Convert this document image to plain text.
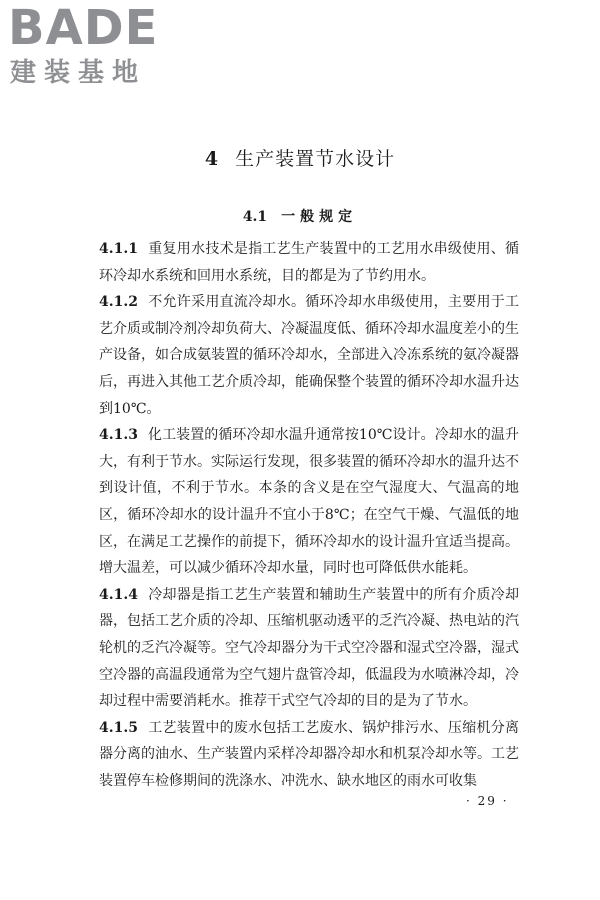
BADE
建装基地
4 生产装置节水设计
4.1 一般规定

4.1.1 重复用水技术是指工艺生产装置中的工艺用水串级使用、循环冷却水系统和回用水系统，目的都是为了节约用水。

4.1.2 不允许采用直流冷却水。循环冷却水串级使用，主要用于工艺介质或制冷剂冷却负荷大、冷凝温度低、循环冷却水温度差小的生产设备，如合成氨装置的循环冷却水，全部进入冷冻系统的氨冷凝器后，再进入其他工艺介质冷却，能确保整个装置的循环冷却水温升达到10℃。

4.1.3 化工装置的循环冷却水温升通常按10℃设计。冷却水的温升大，有利于节水。实际运行发现，很多装置的循环冷却水的温升达不到设计值，不利于节水。本条的含义是在空气湿度大、气温高的地区，循环冷却水的设计温升不宜小于8℃；在空气干燥、气温低的地区，在满足工艺操作的前提下，循环冷却水的设计温升宜适当提高。增大温差，可以减少循环冷却水量，同时也可降低供水能耗。

4.1.4 冷却器是指工艺生产装置和辅助生产装置中的所有介质冷却器，包括工艺介质的冷却、压缩机驱动透平的乏汽冷凝、热电站的汽轮机的乏汽冷凝等。空气冷却器分为干式空冷器和湿式空冷器，湿式空冷器的高温段通常为空气翅片盘管冷却，低温段为水喷淋冷却，冷却过程中需要消耗水。推荐干式空气冷却的目的是为了节水。

4.1.5 工艺装置中的废水包括工艺废水、锅炉排污水、压缩机分离器分离的油水、生产装置内采样冷却器冷却水和机泵冷却水等。工艺装置停车检修期间的洗涤水、冲洗水、缺水地区的雨水可收集

· 29 ·
